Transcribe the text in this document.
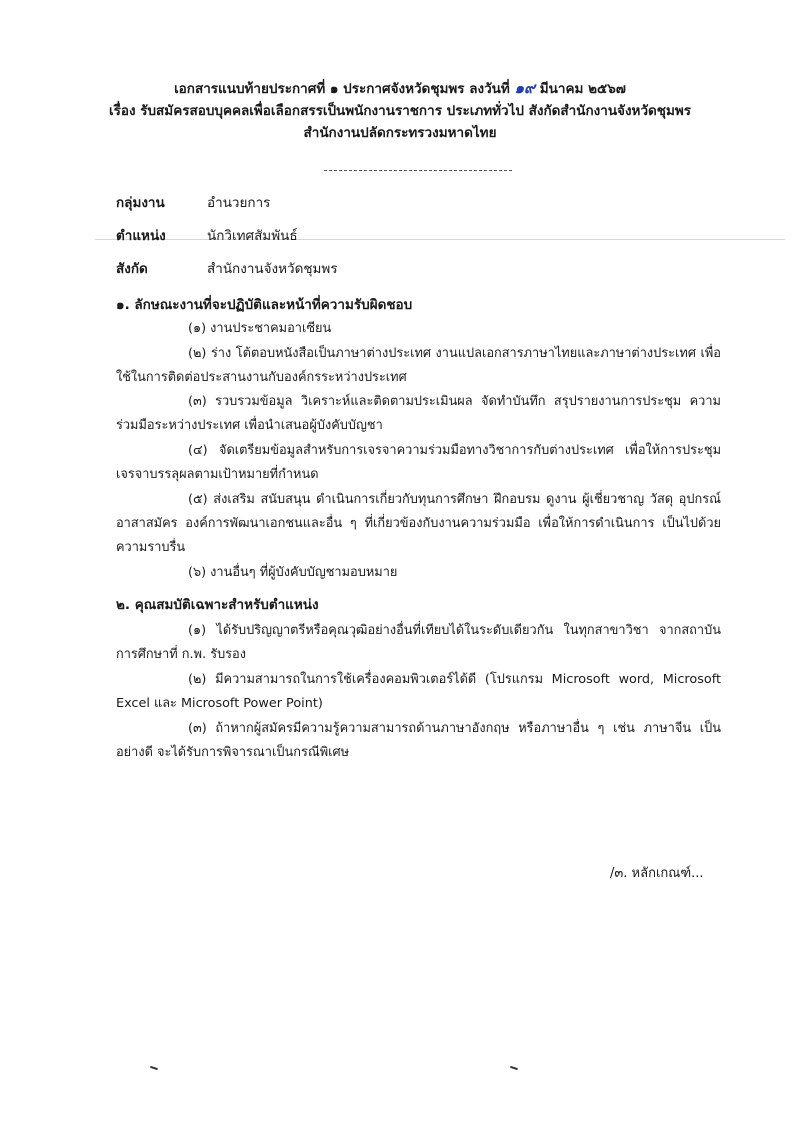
เอกสารแนบท้ายประกาศที่ ๑ ประกาศจังหวัดชุมพร ลงวันที่ ๑๙ มีนาคม ๒๕๖๗
เรื่อง รับสมัครสอบบุคคลเพื่อเลือกสรรเป็นพนักงานราชการ ประเภททั่วไป สังกัดสำนักงานจังหวัดชุมพร
สำนักงานปลัดกระทรวงมหาดไทย
กลุ่มงาน	อำนวยการ
ตำแหน่ง	นักวิเทศสัมพันธ์
สังกัด	สำนักงานจังหวัดชุมพร
๑. ลักษณะงานที่จะปฏิบัติและหน้าที่ความรับผิดชอบ
(๑) งานประชาคมอาเซียน
(๒) ร่าง โต้ตอบหนังสือเป็นภาษาต่างประเทศ งานแปลเอกสารภาษาไทยและภาษาต่างประเทศ เพื่อใช้ในการติดต่อประสานงานกับองค์กรระหว่างประเทศ
(๓) รวบรวมข้อมูล วิเคราะห์และติดตามประเมินผล จัดทำบันทึก สรุปรายงานการประชุม ความร่วมมือระหว่างประเทศ เพื่อนำเสนอผู้บังคับบัญชา
(๔) จัดเตรียมข้อมูลสำหรับการเจรจาความร่วมมือทางวิชาการกับต่างประเทศ เพื่อให้การประชุม เจรจาบรรลุผลตามเป้าหมายที่กำหนด
(๕) ส่งเสริม สนับสนุน ดำเนินการเกี่ยวกับทุนการศึกษา ฝึกอบรม ดูงาน ผู้เชี่ยวชาญ วัสดุ อุปกรณ์ อาสาสมัคร องค์การพัฒนาเอกชนและอื่น ๆ ที่เกี่ยวข้องกับงานความร่วมมือ เพื่อให้การดำเนินการ เป็นไปด้วยความราบรื่น
(๖) งานอื่นๆ ที่ผู้บังคับบัญชามอบหมาย
๒. คุณสมบัติเฉพาะสำหรับตำแหน่ง
(๑) ได้รับปริญญาตรีหรือคุณวุฒิอย่างอื่นที่เทียบได้ในระดับเดียวกัน ในทุกสาขาวิชา จากสถาบันการศึกษาที่ ก.พ. รับรอง
(๒) มีความสามารถในการใช้เครื่องคอมพิวเตอร์ได้ดี (โปรแกรม Microsoft word, Microsoft Excel และ Microsoft Power Point)
(๓) ถ้าหากผู้สมัครมีความรู้ความสามารถด้านภาษาอังกฤษ หรือภาษาอื่น ๆ เช่น ภาษาจีน เป็นอย่างดี จะได้รับการพิจารณาเป็นกรณีพิเศษ
/๓. หลักเกณฑ์...
